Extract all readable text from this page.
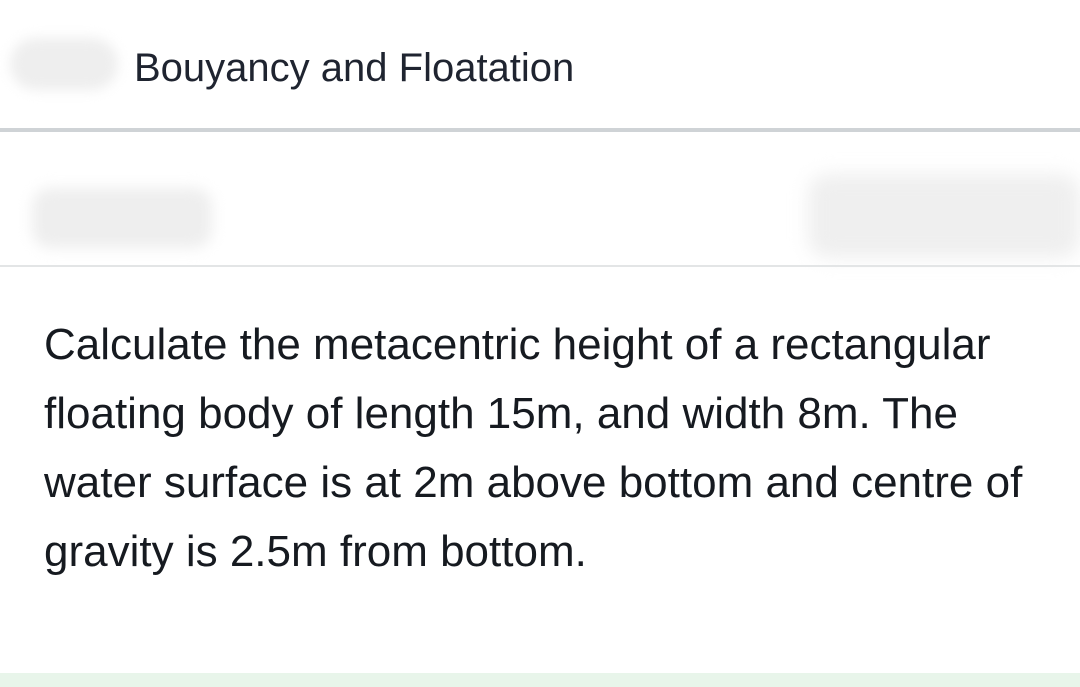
Bouyancy and Floatation

Calculate the metacentric height of a rectangular floating body of length 15m, and width 8m. The water surface is at 2m above bottom and centre of gravity is 2.5m from bottom.
